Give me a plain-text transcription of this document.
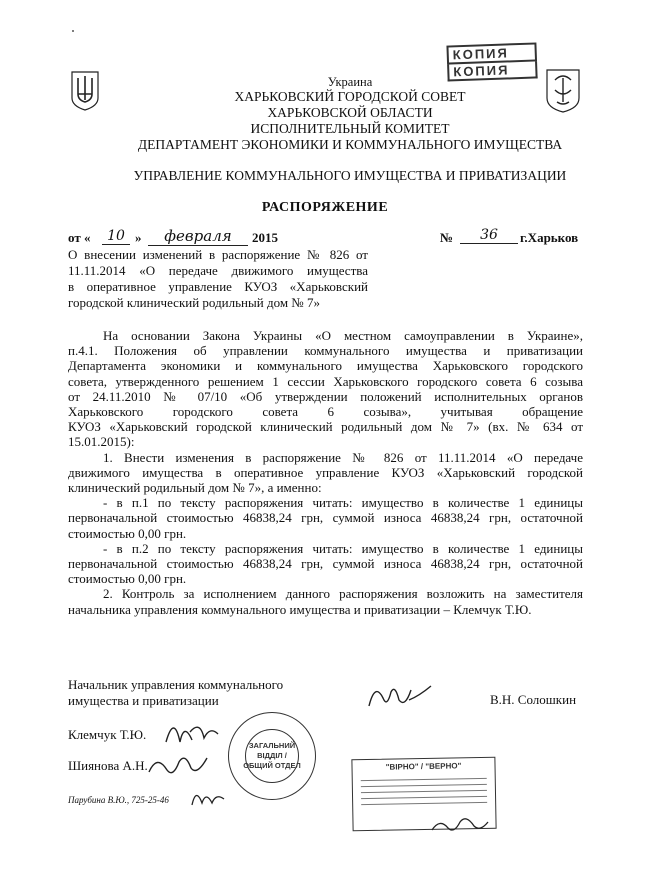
КОПИЯ
КОПИЯ
Украина
ХАРЬКОВСКИЙ ГОРОДСКОЙ СОВЕТ
ХАРЬКОВСКОЙ ОБЛАСТИ
ИСПОЛНИТЕЛЬНЫЙ КОМИТЕТ
ДЕПАРТАМЕНТ ЭКОНОМИКИ И КОММУНАЛЬНОГО ИМУЩЕСТВА
УПРАВЛЕНИЕ КОММУНАЛЬНОГО ИМУЩЕСТВА И ПРИВАТИЗАЦИИ
РАСПОРЯЖЕНИЕ
от «	10 »	февраля	2015	№	36	г.Харьков
О внесении изменений в распоряжение № 826 от
11.11.2014 «О передаче движимого имущества
в оперативное управление КУОЗ «Харьковский
городской клинический родильный дом № 7»
На основании Закона Украины «О местном самоуправлении в Украине»,
п.4.1. Положения об управлении коммунального имущества и приватизации
Департамента экономики и коммунального имущества Харьковского городского
совета, утвержденного решением 1 сессии Харьковского городского совета 6 созыва
от 24.11.2010 № 07/10 «Об утверждении положений исполнительных органов
Харьковского городского совета 6 созыва», учитывая обращение
КУОЗ «Харьковский городской клинический родильный дом № 7» (вх. № 634 от
15.01.2015):
1. Внести изменения в распоряжение № 826 от 11.11.2014 «О передаче
движимого имущества в оперативное управление КУОЗ «Харьковский городской
клинический родильный дом № 7», а именно:
- в п.1 по тексту распоряжения читать: имущество в количестве 1 единицы
первоначальной стоимостью 46838,24 грн, суммой износа 46838,24 грн, остаточной
стоимостью 0,00 грн.
- в п.2 по тексту распоряжения читать: имущество в количестве 1 единицы
первоначальной стоимостью 46838,24 грн, суммой износа 46838,24 грн, остаточной
стоимостью 0,00 грн.
2. Контроль за исполнением данного распоряжения возложить на заместителя
начальника управления коммунального имущества и приватизации – Клемчук Т.Ю.
Начальник управления коммунального
имущества и приватизации	В.Н. Солошкин
Клемчук Т.Ю.
Шиянова А.Н.
Парубина В.Ю., 725-25-46
ЗАГАЛЬНИЙ
ВІДДІЛ /
ОБЩИЙ ОТДЕЛ	"ВІРНО" / "ВЕРНО"
